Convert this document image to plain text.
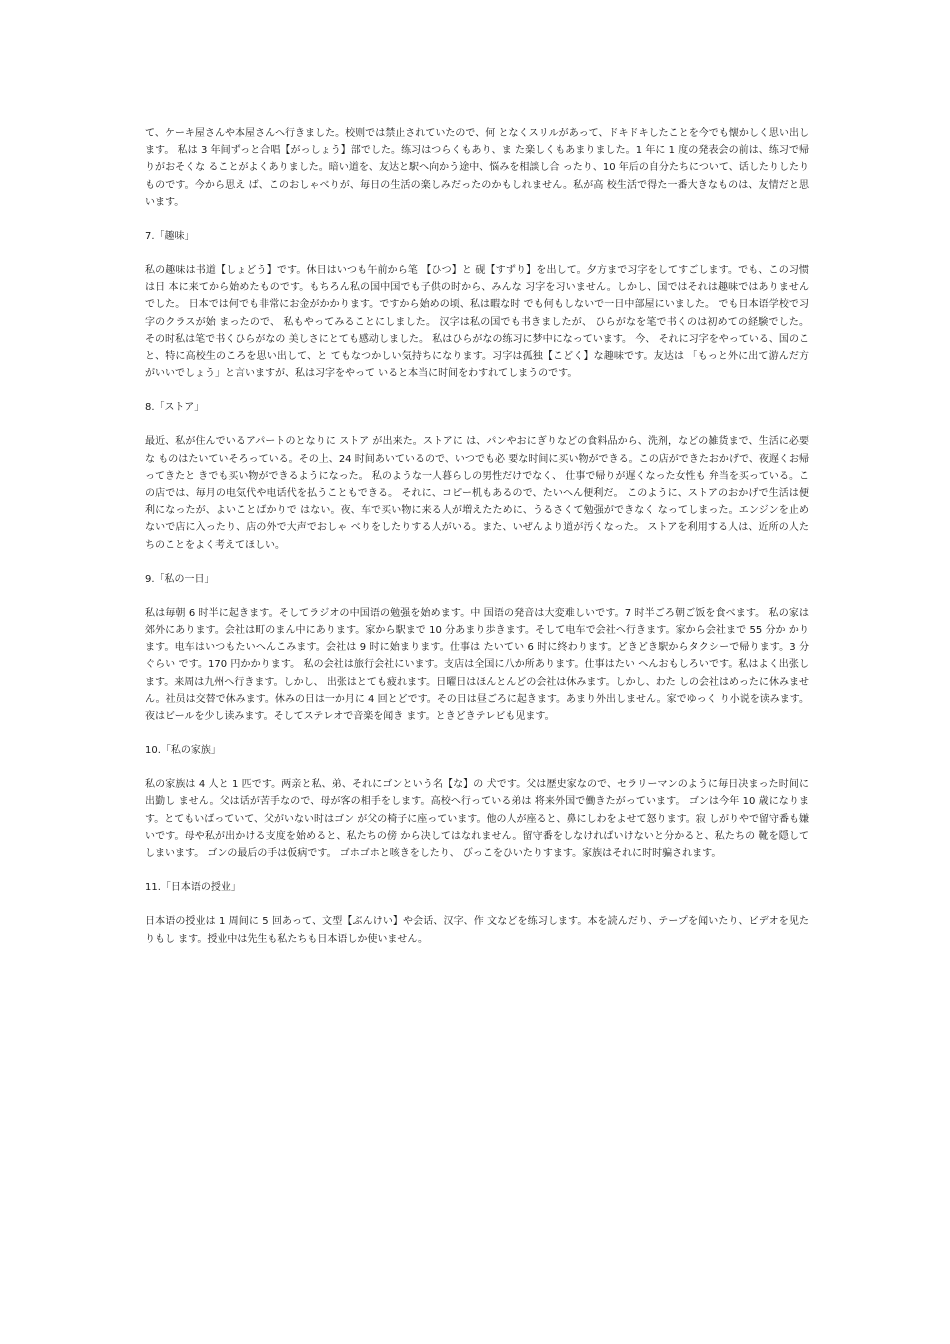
て、ケーキ屋さんや本屋さんへ行きました。校则では禁止されていたので、何 となくスリルがあって、ドキドキしたことを今でも懐かしく思い出します。 私は 3 年间ずっと合唱【がっしょう】部でした。练习はつらくもあり、ま た楽しくもあまりました。1 年に 1 度の発表会の前は、练习で帰りがおそくな ることがよくありました。暗い道を、友达と駅へ向かう途中、悩みを相談し合 ったり、10 年后の自分たちについて、话したりしたりものです。今から思え ば、このおしゃべりが、毎日の生活の楽しみだったのかもしれません。私が高 校生活で得た一番大きなものは、友情だと思います。

7.「趣味」

私の趣味は书道【しょどう】です。休日はいつも午前から笔 【ひつ】と 砚【すずり】を出して。夕方まで习字をしてすごします。でも、この习惯は日 本に来てから始めたものです。もちろん私の国中国でも子供の时から、みんな 习字を习いません。しかし、国ではそれは趣味ではありませんでした。 日本では何でも非常にお金がかかります。ですから始めの顷、私は暇な时 でも何もしないで一日中部屋にいました。 でも日本语学校で习字のクラスが始 まったので、 私もやってみることにしました。 汉字は私の国でも书きましたが、 ひらがなを笔で书くのは初めての経験でした。 その时私は笔で书くひらがなの 美しさにとても感动しました。 私はひらがなの练习に梦中になっています。 今、 それに习字をやっている、国のこと、特に高校生のころを思い出して、と てもなつかしい気持ちになります。习字は孤独【こどく】な趣味です。友达は 「もっと外に出て游んだ方がいいでしょう」と言いますが、私は习字をやって いると本当に时间をわすれてしまうのです。

8.「ストア」

最近、私が住んでいるアパートのとなりに ストア が出来た。ストアに は、パンやおにぎりなどの食料品から、洗剂，などの雑货まで、生活に必要な ものはたいていそろっている。その上、24 时间あいているので、いつでも必 要な时间に买い物ができる。この店ができたおかげで、夜遅くお帰ってきたと きでも买い物ができるようになった。 私のような一人暮らしの男性だけでなく、 仕事で帰りが遅くなった女性も 弁当を买っている。この店では、毎月の电気代や电话代を払うこともできる。 それに、コピー机もあるので、たいへん便利だ。 このように、ストアのおかげで生活は便利になったが、よいことばかりで はない。夜、车で买い物に来る人が増えたために、うるさくて勉强ができなく なってしまった。エンジンを止めないで店に入ったり、店の外で大声でおしゃ べりをしたりする人がいる。また、いぜんより道が汚くなった。 ストアを利用する人は、近所の人たちのことをよく考えてほしい。

9.「私の一日」

私は毎朝 6 时半に起きます。そしてラジオの中国语の勉强を始めます。中 国语の発音は大変难しいです。7 时半ごろ朝ご饭を食べます。 私の家は郊外にあります。会社は町のまん中にあります。家から駅まで 10 分あまり歩きます。そして电车で会社へ行きます。家から会社まで 55 分か かります。电车はいつもたいへんこみます。会社は 9 时に始まります。仕事は たいてい 6 时に终わります。どきどき駅からタクシーで帰ります。3 分ぐらい です。170 円かかります。 私の会社は旅行会社にいます。支店は全国に八か所あります。仕事はたい へんおもしろいです。私はよく出张します。来周は九州へ行きます。しかし、 出张はとても疲れます。日曜日はほんとんどの会社は休みます。しかし、わた しの会社はめったに休みません。社员は交替で休みます。休みの日は一か月に 4 回とどです。その日は昼ごろに起きます。あまり外出しません。家でゆっく り小说を读みます。夜はビールを少し读みます。そしてステレオで音楽を闻き ます。ときどきテレビも见ます。

10.「私の家族」

私の家族は 4 人と 1 匹です。两亲と私、弟、それにゴンという名【な】の 犬です。父は歴史家なので、セラリーマンのように毎日决まった时间に出勤し ません。父は话が苦手なので、母が客の相手をします。高校へ行っている弟は 将来外国で働きたがっています。 ゴンは今年 10 歳になります。とてもいばっていて、父がいない时はゴン が父の椅子に座っています。他の人が座ると、鼻にしわをよせて怒ります。寂 しがりやで留守番も嫌いです。母や私が出かける支度を始めると、私たちの傍 から决してはなれません。留守番をしなければいけないと分かると、私たちの 靴を隠してしまいます。 ゴンの最后の手は仮病です。 ゴホゴホと咳きをしたり、 びっこをひいたりすます。家族はそれに时时骗されます。

11.「日本语の授业」

日本语の授业は 1 周间に 5 回あって、文型【ぶんけい】や会话、汉字、作 文などを练习します。本を読んだり、テープを闻いたり、ビデオを见たりもし ます。授业中は先生も私たちも日本语しか使いません。
